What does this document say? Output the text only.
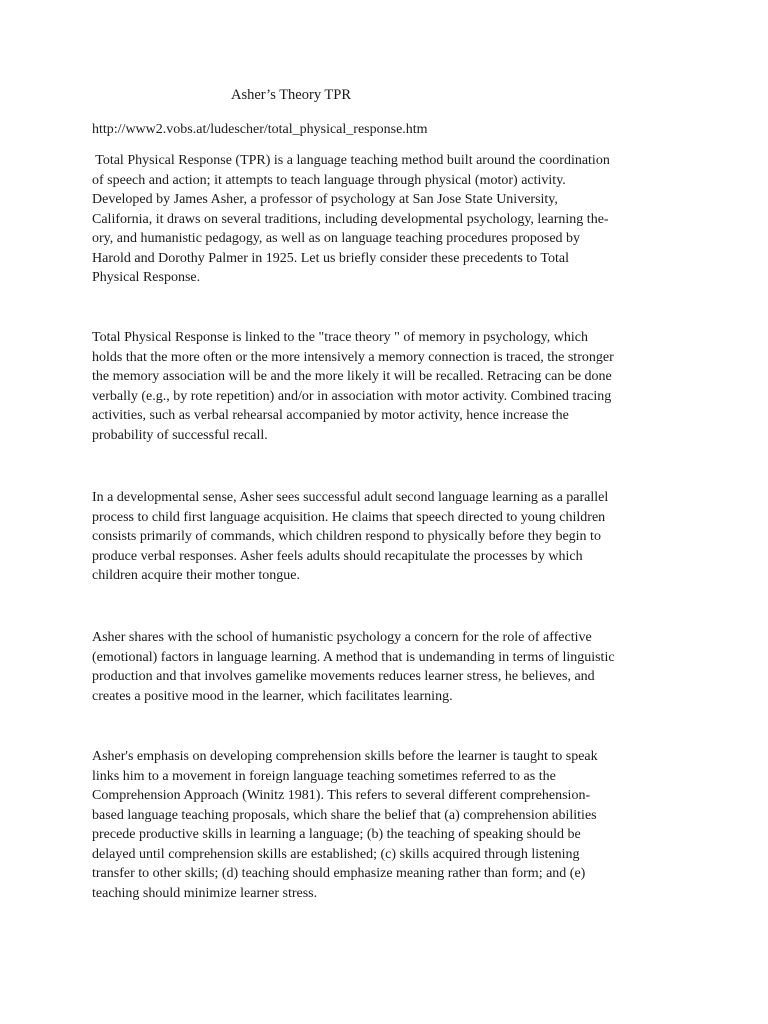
Asher’s Theory TPR
http://www2.vobs.at/ludescher/total_physical_response.htm

Total Physical Response (TPR) is a language teaching method built around the coordination
of speech and action; it attempts to teach language through physical (motor) activity.
Developed by James Asher, a professor of psychology at San Jose State University,
California, it draws on several traditions, including developmental psychology, learning the-
ory, and humanistic pedagogy, as well as on language teaching procedures proposed by
Harold and Dorothy Palmer in 1925. Let us briefly consider these precedents to Total
Physical Response.

Total Physical Response is linked to the "trace theory " of memory in psychology, which
holds that the more often or the more intensively a memory connection is traced, the stronger
the memory association will be and the more likely it will be recalled. Retracing can be done
verbally (e.g., by rote repetition) and/or in association with motor activity. Combined tracing
activities, such as verbal rehearsal accompanied by motor activity, hence increase the
probability of successful recall.

In a developmental sense, Asher sees successful adult second language learning as a parallel
process to child first language acquisition. He claims that speech directed to young children
consists primarily of commands, which children respond to physically before they begin to
produce verbal responses. Asher feels adults should recapitulate the processes by which
children acquire their mother tongue.

Asher shares with the school of humanistic psychology a concern for the role of affective
(emotional) factors in language learning. A method that is undemanding in terms of linguistic
production and that involves gamelike movements reduces learner stress, he believes, and
creates a positive mood in the learner, which facilitates learning.

Asher's emphasis on developing comprehension skills before the learner is taught to speak
links him to a movement in foreign language teaching sometimes referred to as the
Comprehension Approach (Winitz 1981). This refers to several different comprehension-
based language teaching proposals, which share the belief that (a) comprehension abilities
precede productive skills in learning a language; (b) the teaching of speaking should be
delayed until comprehension skills are established; (c) skills acquired through listening
transfer to other skills; (d) teaching should emphasize meaning rather than form; and (e)
teaching should minimize learner stress.
